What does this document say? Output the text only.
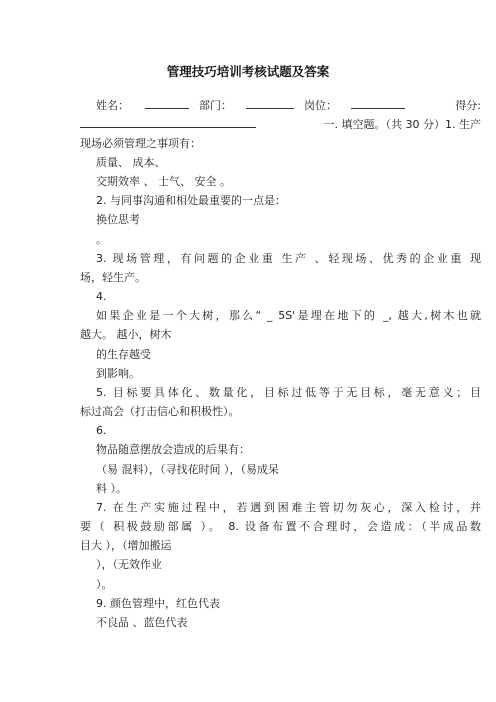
管理技巧培训考核试题及答案
姓名：	部门：	岗位：	得分:
一. 填空题。（共 30 分）1. 生产
现场必须管理之事项有：
质量、 成本、
交期效率 、 士气、 安全 。
2. 与同事沟通和相处最重要的一点是：
换位思考
。
3. 现场管理，有问题的企业重 生产 、轻现场、优秀的企业重 现
场，轻生产。
4.
如果企业是一个大树，那么“ _ 5S'是埋在地下的 _, 越大,树木也就
越大。 越小，树木
的生存越受
到影响。
5. 目标要具体化、数量化，目标过低等于无目标，毫无意义；目
标过高会（打击信心和积极性）。
6.
物品随意摆放会造成的后果有：
（易 混料），（寻找花时间 ），（易成呆
料 ）。
7. 在生产实施过程中，若遇到困难主管切勿灰心，深入检讨，并
要（ 积极鼓励部属 ）。 8. 设备布置不合理时，会造成：（半成品数
目大 ），（增加搬运
），（无效作业
）。
9. 颜色管理中，红色代表
不良品 、蓝色代表
